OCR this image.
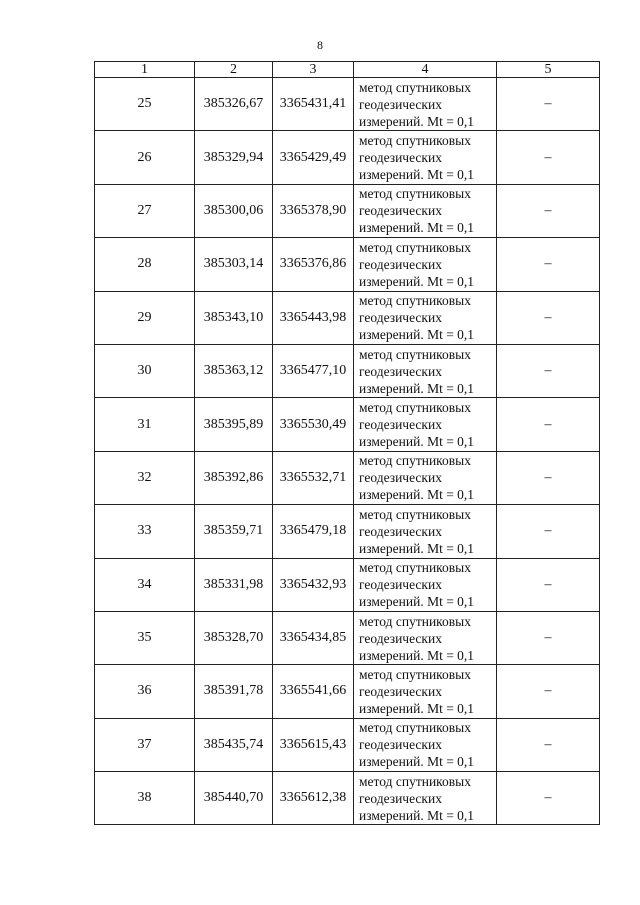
8
1	2	3	4	5
25	385326,67	3365431,41	метод спутниковых
геодезических
измерений. Mt = 0,1	–
26	385329,94	3365429,49	метод спутниковых
геодезических
измерений. Mt = 0,1	–
27	385300,06	3365378,90	метод спутниковых
геодезических
измерений. Mt = 0,1	–
28	385303,14	3365376,86	метод спутниковых
геодезических
измерений. Mt = 0,1	–
29	385343,10	3365443,98	метод спутниковых
геодезических
измерений. Mt = 0,1	–
30	385363,12	3365477,10	метод спутниковых
геодезических
измерений. Mt = 0,1	–
31	385395,89	3365530,49	метод спутниковых
геодезических
измерений. Mt = 0,1	–
32	385392,86	3365532,71	метод спутниковых
геодезических
измерений. Mt = 0,1	–
33	385359,71	3365479,18	метод спутниковых
геодезических
измерений. Mt = 0,1	–
34	385331,98	3365432,93	метод спутниковых
геодезических
измерений. Mt = 0,1	–
35	385328,70	3365434,85	метод спутниковых
геодезических
измерений. Mt = 0,1	–
36	385391,78	3365541,66	метод спутниковых
геодезических
измерений. Mt = 0,1	–
37	385435,74	3365615,43	метод спутниковых
геодезических
измерений. Mt = 0,1	–
38	385440,70	3365612,38	метод спутниковых
геодезических
измерений. Mt = 0,1	–
